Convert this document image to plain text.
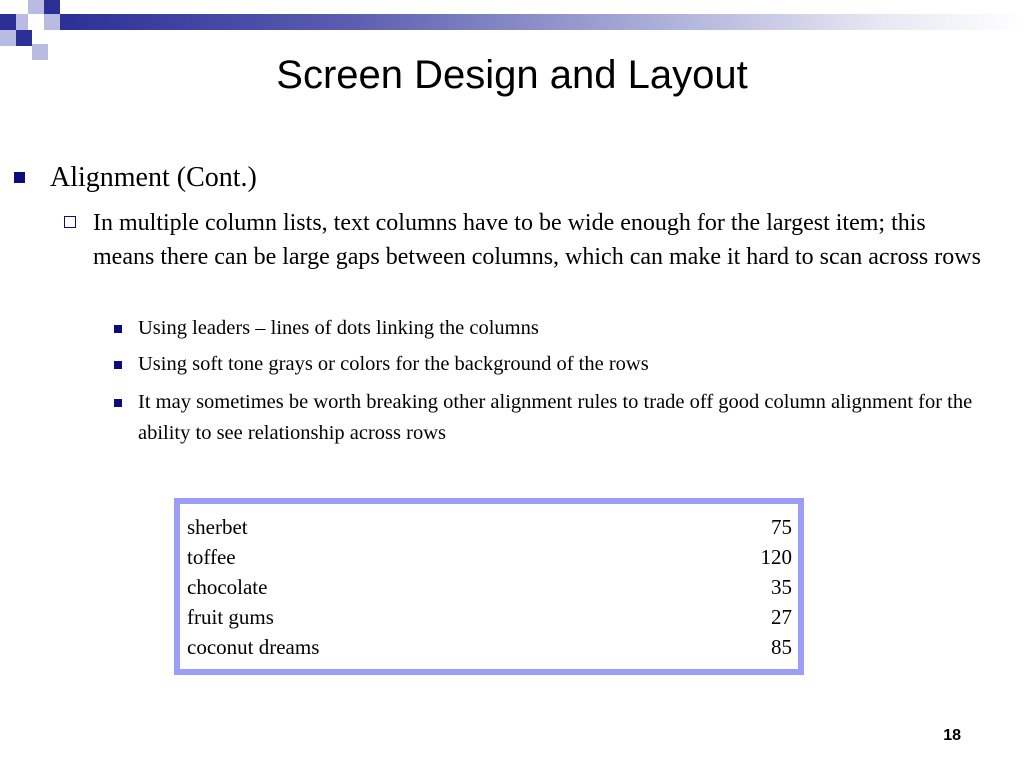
Screen Design and Layout
Alignment (Cont.)
In multiple column lists, text columns have to be wide enough for the largest item; this means there can be large gaps between columns, which can make it hard to scan across rows
Using leaders – lines of dots linking the columns
Using soft tone grays or colors for the background of the rows
It may sometimes be worth breaking other alignment rules to trade off good column alignment for the ability to see relationship across rows
sherbet	75
toffee	120
chocolate	35
fruit gums	27
coconut dreams	85
18
